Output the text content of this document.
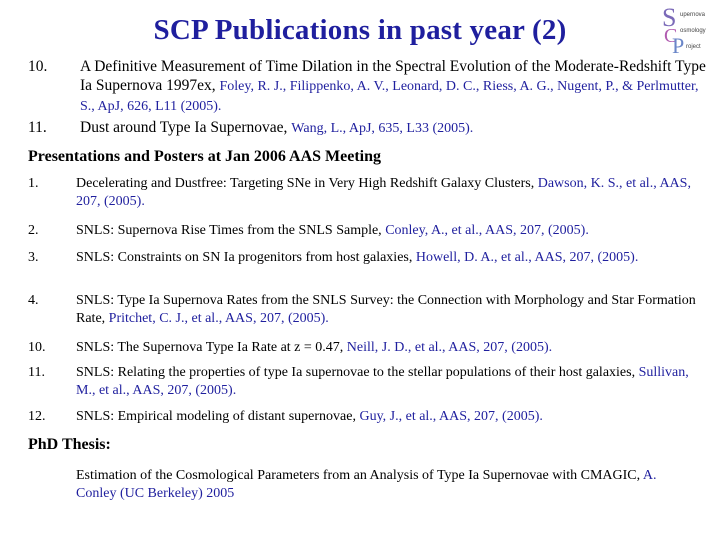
SCP Publications in past year (2)	S
C
P
upernova
osmology
roject
10. A Definitive Measurement of Time Dilation in the Spectral Evolution of the Moderate-Redshift Type Ia Supernova 1997ex, Foley, R. J., Filippenko, A. V., Leonard, D. C., Riess, A. G., Nugent, P., & Perlmutter, S., ApJ, 626, L11 (2005).
11. Dust around Type Ia Supernovae, Wang, L., ApJ, 635, L33 (2005).
Presentations and Posters at Jan 2006 AAS Meeting
1.	Decelerating and Dustfree: Targeting SNe in Very High Redshift Galaxy Clusters, Dawson, K. S., et al., AAS, 207, (2005).
2.	SNLS: Supernova Rise Times from the SNLS Sample, Conley, A., et al., AAS, 207, (2005).
3.	SNLS: Constraints on SN Ia progenitors from host galaxies, Howell, D. A., et al., AAS, 207, (2005).
4.	SNLS: Type Ia Supernova Rates from the SNLS Survey: the Connection with Morphology and Star Formation Rate, Pritchet, C. J., et al., AAS, 207, (2005).
10. SNLS: The Supernova Type Ia Rate at z = 0.47, Neill, J. D., et al., AAS, 207, (2005).
11. SNLS: Relating the properties of type Ia supernovae to the stellar populations of their host galaxies, Sullivan, M., et al., AAS, 207, (2005).
12. SNLS: Empirical modeling of distant supernovae, Guy, J., et al., AAS, 207, (2005).
PhD Thesis:
Estimation of the Cosmological Parameters from an Analysis of Type Ia Supernovae with CMAGIC, A. Conley (UC Berkeley) 2005
